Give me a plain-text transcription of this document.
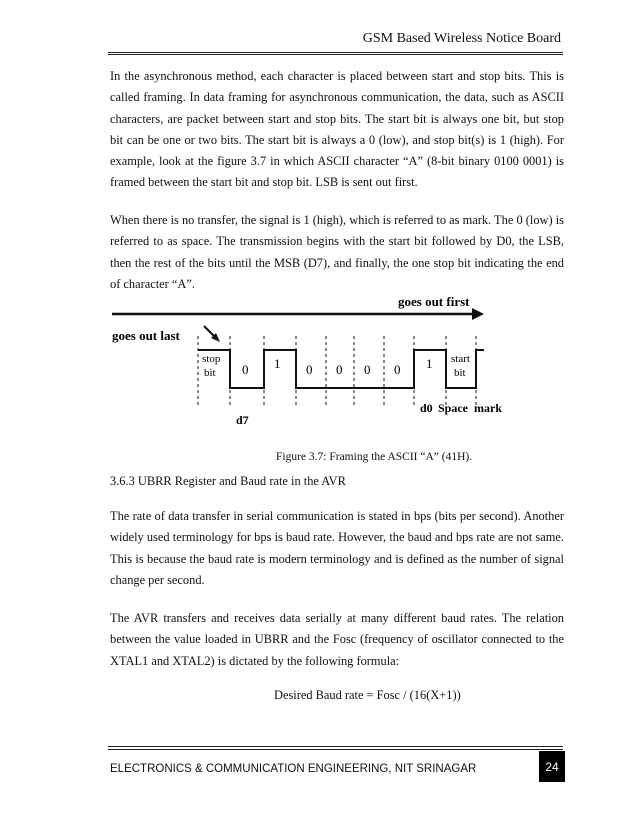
GSM Based Wireless Notice Board

In the asynchronous method, each character is placed between start and stop bits. This is called framing. In data framing for asynchronous communication, the data, such as ASCII characters, are packet between start and stop bits. The start bit is always one bit, but stop bit can be one or two bits. The start bit is always a 0 (low), and stop bit(s) is 1 (high). For example, look at the figure 3.7 in which ASCII character “A” (8-bit binary 0100 0001) is framed between the start bit and stop bit. LSB is sent out first.

When there is no transfer, the signal is 1 (high), which is referred to as mark. The 0 (low) is referred to as space. The transmission begins with the start bit followed by D0, the LSB, then the rest of the bits until the MSB (D7), and finally, the one stop bit indicating the end of character “A”.

goes out first
goes out last
stop
bit 0 1 0 0 0 0 1 start
bit
d7
d0 Space mark
Figure 3.7: Framing the ASCII “A” (41H).
3.6.3 UBRR Register and Baud rate in the AVR

The rate of data transfer in serial communication is stated in bps (bits per second). Another widely used terminology for bps is baud rate. However, the baud and bps rate are not same. This is because the baud rate is modern terminology and is defined as the number of signal change per second.

The AVR transfers and receives data serially at many different baud rates. The relation between the value loaded in UBRR and the Fosc (frequency of oscillator connected to the XTAL1 and XTAL2) is dictated by the following formula:

Desired Baud rate = Fosc / (16(X+1))
ELECTRONICS & COMMUNICATION ENGINEERING, NIT SRINAGAR	24
